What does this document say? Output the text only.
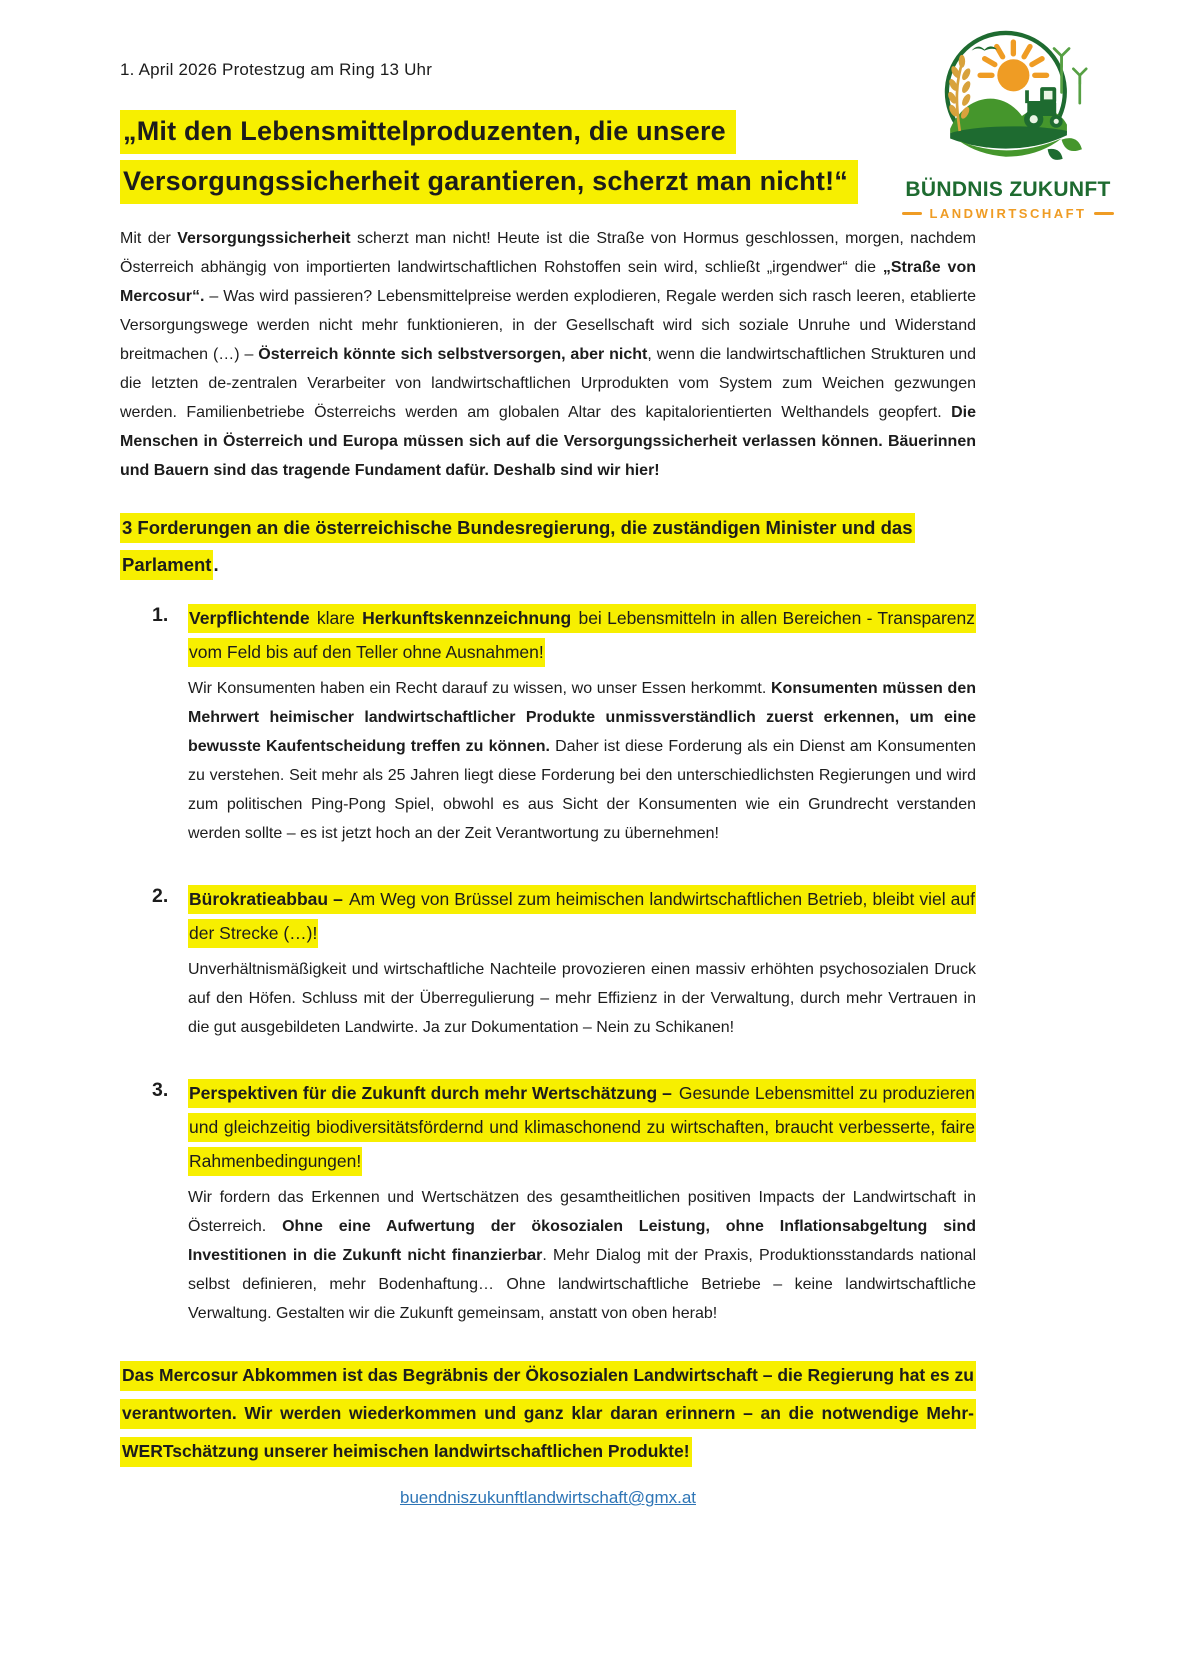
BÜNDNIS ZUKUNFT
LANDWIRTSCHAFT
1. April 2026 Protestzug am Ring 13 Uhr
„Mit den Lebensmittelproduzenten, die unsere
Versorgungssicherheit garantieren, scherzt man nicht!“

Mit der Versorgungssicherheit scherzt man nicht! Heute ist die Straße von Hormus geschlossen, morgen, nachdem Österreich abhängig von importierten landwirtschaftlichen Rohstoffen sein wird, schließt „irgendwer“ die „Straße von Mercosur“. – Was wird passieren? Lebensmittelpreise werden explodieren, Regale werden sich rasch leeren, etablierte Versorgungswege werden nicht mehr funktionieren, in der Gesellschaft wird sich soziale Unruhe und Widerstand breitmachen (…) – Österreich könnte sich selbstversorgen, aber nicht, wenn die landwirtschaftlichen Strukturen und die letzten de-zentralen Verarbeiter von landwirtschaftlichen Urprodukten vom System zum Weichen gezwungen werden. Familienbetriebe Österreichs werden am globalen Altar des kapitalorientierten Welthandels geopfert. Die Menschen in Österreich und Europa müssen sich auf die Versorgungssicherheit verlassen können. Bäuerinnen und Bauern sind das tragende Fundament dafür. Deshalb sind wir hier!

3 Forderungen an die österreichische Bundesregierung, die zuständigen Minister und das Parlament .

1. Verpflichtende klare Herkunftskennzeichnung bei Lebensmitteln in allen Bereichen - Transparenz vom Feld bis auf den Teller ohne Ausnahmen!

Wir Konsumenten haben ein Recht darauf zu wissen, wo unser Essen herkommt. Konsumenten müssen den Mehrwert heimischer landwirtschaftlicher Produkte unmissverständlich zuerst erkennen, um eine bewusste Kaufentscheidung treffen zu können. Daher ist diese Forderung als ein Dienst am Konsumenten zu verstehen. Seit mehr als 25 Jahren liegt diese Forderung bei den unterschiedlichsten Regierungen und wird zum politischen Ping-Pong Spiel, obwohl es aus Sicht der Konsumenten wie ein Grundrecht verstanden werden sollte – es ist jetzt hoch an der Zeit Verantwortung zu übernehmen!

2. Bürokratieabbau – Am Weg von Brüssel zum heimischen landwirtschaftlichen Betrieb, bleibt viel auf der Strecke (…)!

Unverhältnismäßigkeit und wirtschaftliche Nachteile provozieren einen massiv erhöhten psychosozialen Druck auf den Höfen. Schluss mit der Überregulierung – mehr Effizienz in der Verwaltung, durch mehr Vertrauen in die gut ausgebildeten Landwirte. Ja zur Dokumentation – Nein zu Schikanen!

3. Perspektiven für die Zukunft durch mehr Wertschätzung – Gesunde Lebensmittel zu produzieren und gleichzeitig biodiversitätsfördernd und klimaschonend zu wirtschaften, braucht verbesserte, faire Rahmenbedingungen!

Wir fordern das Erkennen und Wertschätzen des gesamtheitlichen positiven Impacts der Landwirtschaft in Österreich. Ohne eine Aufwertung der ökosozialen Leistung, ohne Inflationsabgeltung sind Investitionen in die Zukunft nicht finanzierbar. Mehr Dialog mit der Praxis, Produktionsstandards national selbst definieren, mehr Bodenhaftung… Ohne landwirtschaftliche Betriebe – keine landwirtschaftliche Verwaltung. Gestalten wir die Zukunft gemeinsam, anstatt von oben herab!

Das Mercosur Abkommen ist das Begräbnis der Ökosozialen Landwirtschaft – die Regierung hat es zu verantworten. Wir werden wiederkommen und ganz klar daran erinnern – an die notwendige Mehr-WERTschätzung unserer heimischen landwirtschaftlichen Produkte!

buendniszukunftlandwirtschaft@gmx.at
